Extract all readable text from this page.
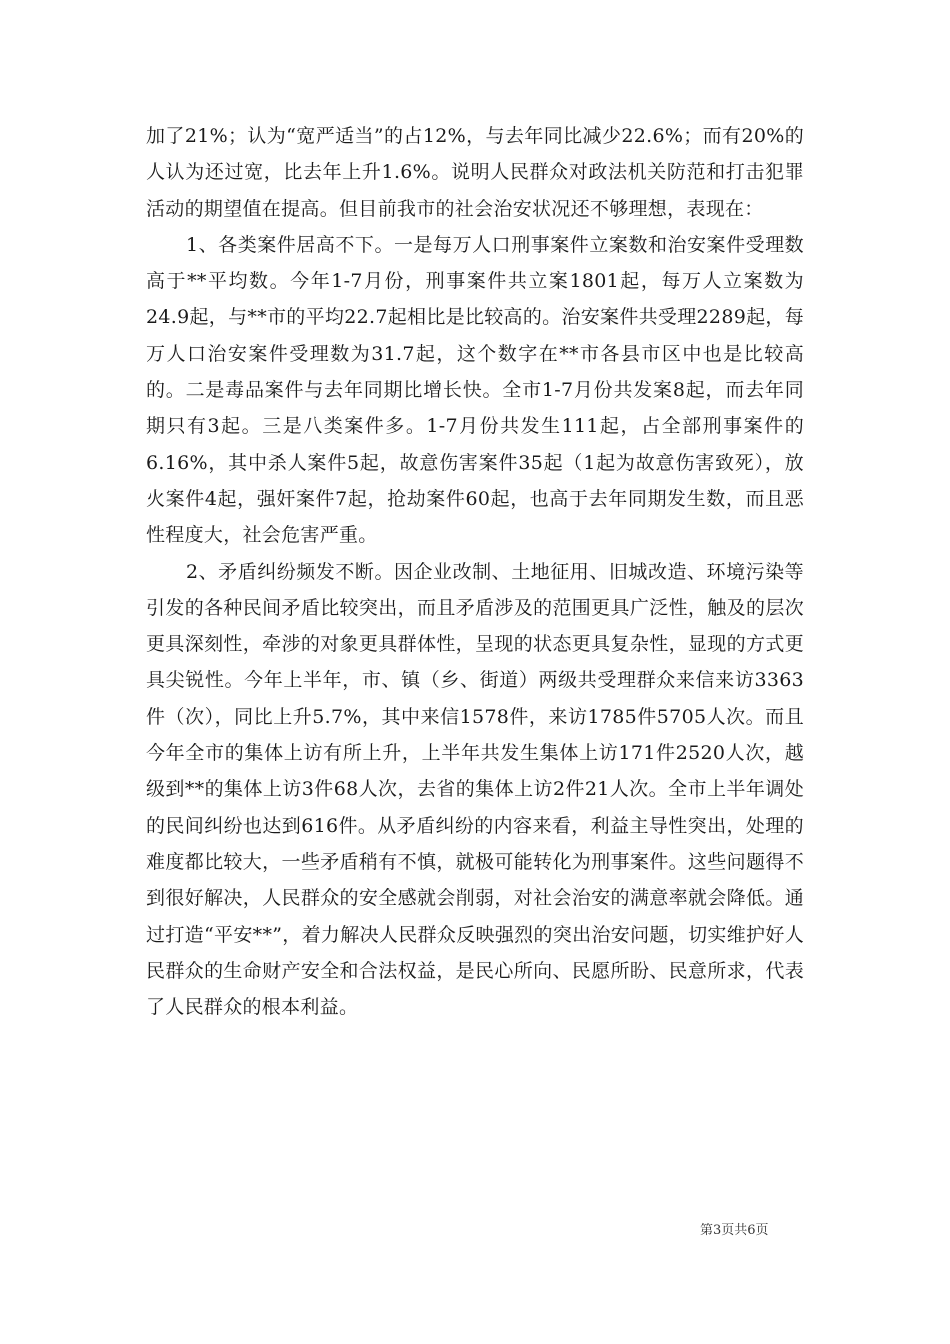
加了21%；认为“宽严适当”的占12%，与去年同比减少22.6%；而有20%的人认为还过宽，比去年上升1.6%。说明人民群众对政法机关防范和打击犯罪活动的期望值在提高。但目前我市的社会治安状况还不够理想，表现在：

1、各类案件居高不下。一是每万人口刑事案件立案数和治安案件受理数高于**平均数。今年1-7月份，刑事案件共立案1801起，每万人立案数为24.9起，与**市的平均22.7起相比是比较高的。治安案件共受理2289起，每万人口治安案件受理数为31.7起，这个数字在**市各县市区中也是比较高的。二是毒品案件与去年同期比增长快。全市1-7月份共发案8起，而去年同期只有3起。三是八类案件多。1-7月份共发生111起，占全部刑事案件的6.16%，其中杀人案件5起，故意伤害案件35起（1起为故意伤害致死），放火案件4起，强奸案件7起，抢劫案件60起，也高于去年同期发生数，而且恶性程度大，社会危害严重。

2、矛盾纠纷频发不断。因企业改制、土地征用、旧城改造、环境污染等引发的各种民间矛盾比较突出，而且矛盾涉及的范围更具广泛性，触及的层次更具深刻性，牵涉的对象更具群体性，呈现的状态更具复杂性，显现的方式更具尖锐性。今年上半年，市、镇（乡、街道）两级共受理群众来信来访3363件（次），同比上升5.7%，其中来信1578件，来访1785件5705人次。而且今年全市的集体上访有所上升，上半年共发生集体上访171件2520人次，越级到**的集体上访3件68人次，去省的集体上访2件21人次。全市上半年调处的民间纠纷也达到616件。从矛盾纠纷的内容来看，利益主导性突出，处理的难度都比较大，一些矛盾稍有不慎，就极可能转化为刑事案件。这些问题得不到很好解决，人民群众的安全感就会削弱，对社会治安的满意率就会降低。通过打造“平安**”，着力解决人民群众反映强烈的突出治安问题，切实维护好人民群众的生命财产安全和合法权益，是民心所向、民愿所盼、民意所求，代表了人民群众的根本利益。

第3页共6页
